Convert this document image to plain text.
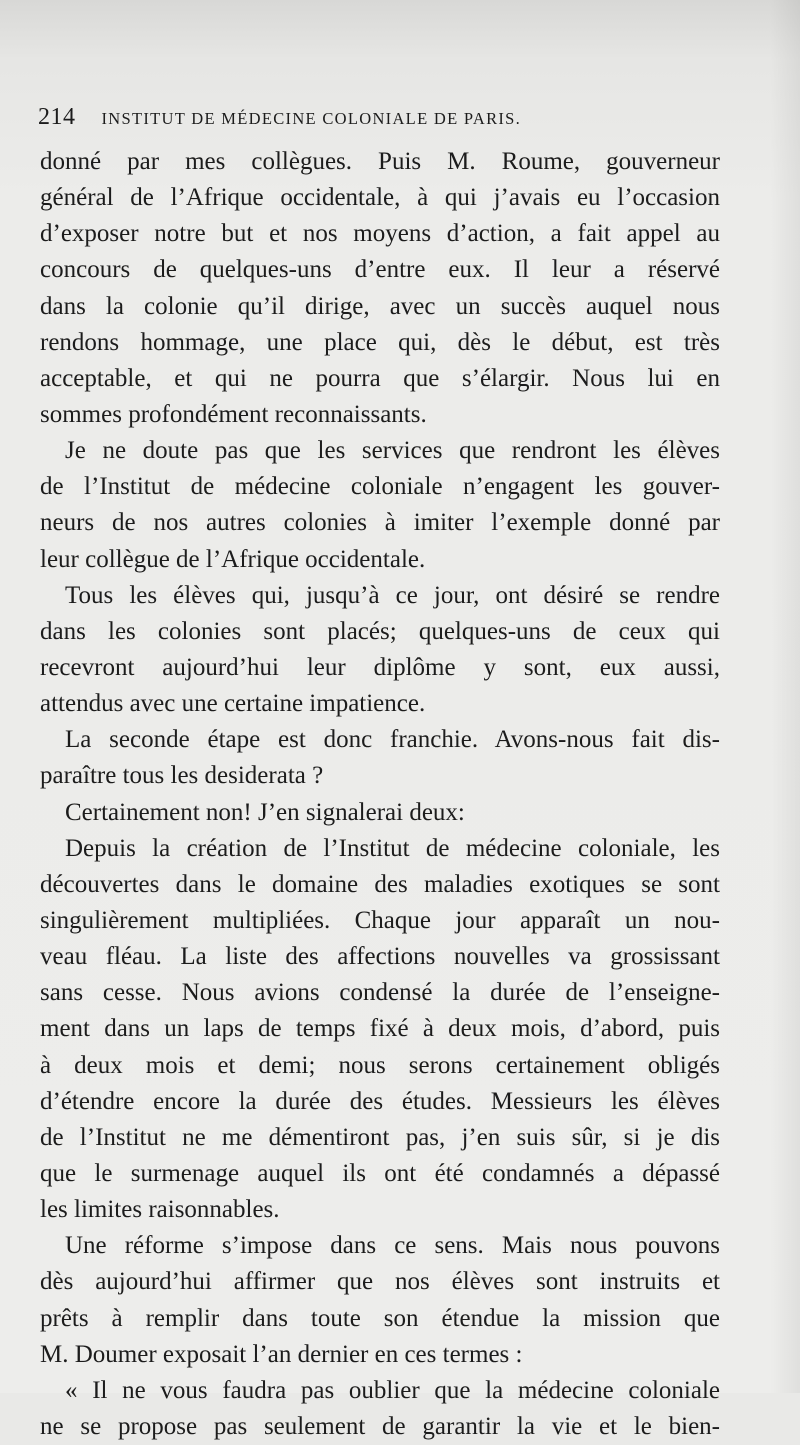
214 INSTITUT DE MÉDECINE COLONIALE DE PARIS.
donné par mes collègues. Puis M. Roume, gouverneur
général de l’Afrique occidentale, à qui j’avais eu l’occasion
d’exposer notre but et nos moyens d’action, a fait appel au
concours de quelques-uns d’entre eux. Il leur a réservé
dans la colonie qu’il dirige, avec un succès auquel nous
rendons hommage, une place qui, dès le début, est très
acceptable, et qui ne pourra que s’élargir. Nous lui en
sommes profondément reconnaissants.
Je ne doute pas que les services que rendront les élèves
de l’Institut de médecine coloniale n’engagent les gouver-
neurs de nos autres colonies à imiter l’exemple donné par
leur collègue de l’Afrique occidentale.
Tous les élèves qui, jusqu’à ce jour, ont désiré se rendre
dans les colonies sont placés; quelques-uns de ceux qui
recevront aujourd’hui leur diplôme y sont, eux aussi,
attendus avec une certaine impatience.
La seconde étape est donc franchie. Avons-nous fait dis-
paraître tous les desiderata ?
Certainement non! J’en signalerai deux:
Depuis la création de l’Institut de médecine coloniale, les
découvertes dans le domaine des maladies exotiques se sont
singulièrement multipliées. Chaque jour apparaît un nou-
veau fléau. La liste des affections nouvelles va grossissant
sans cesse. Nous avions condensé la durée de l’enseigne-
ment dans un laps de temps fixé à deux mois, d’abord, puis
à deux mois et demi; nous serons certainement obligés
d’étendre encore la durée des études. Messieurs les élèves
de l’Institut ne me démentiront pas, j’en suis sûr, si je dis
que le surmenage auquel ils ont été condamnés a dépassé
les limites raisonnables.
Une réforme s’impose dans ce sens. Mais nous pouvons
dès aujourd’hui affirmer que nos élèves sont instruits et
prêts à remplir dans toute son étendue la mission que
M. Doumer exposait l’an dernier en ces termes :
« Il ne vous faudra pas oublier que la médecine coloniale
ne se propose pas seulement de garantir la vie et le bien-
